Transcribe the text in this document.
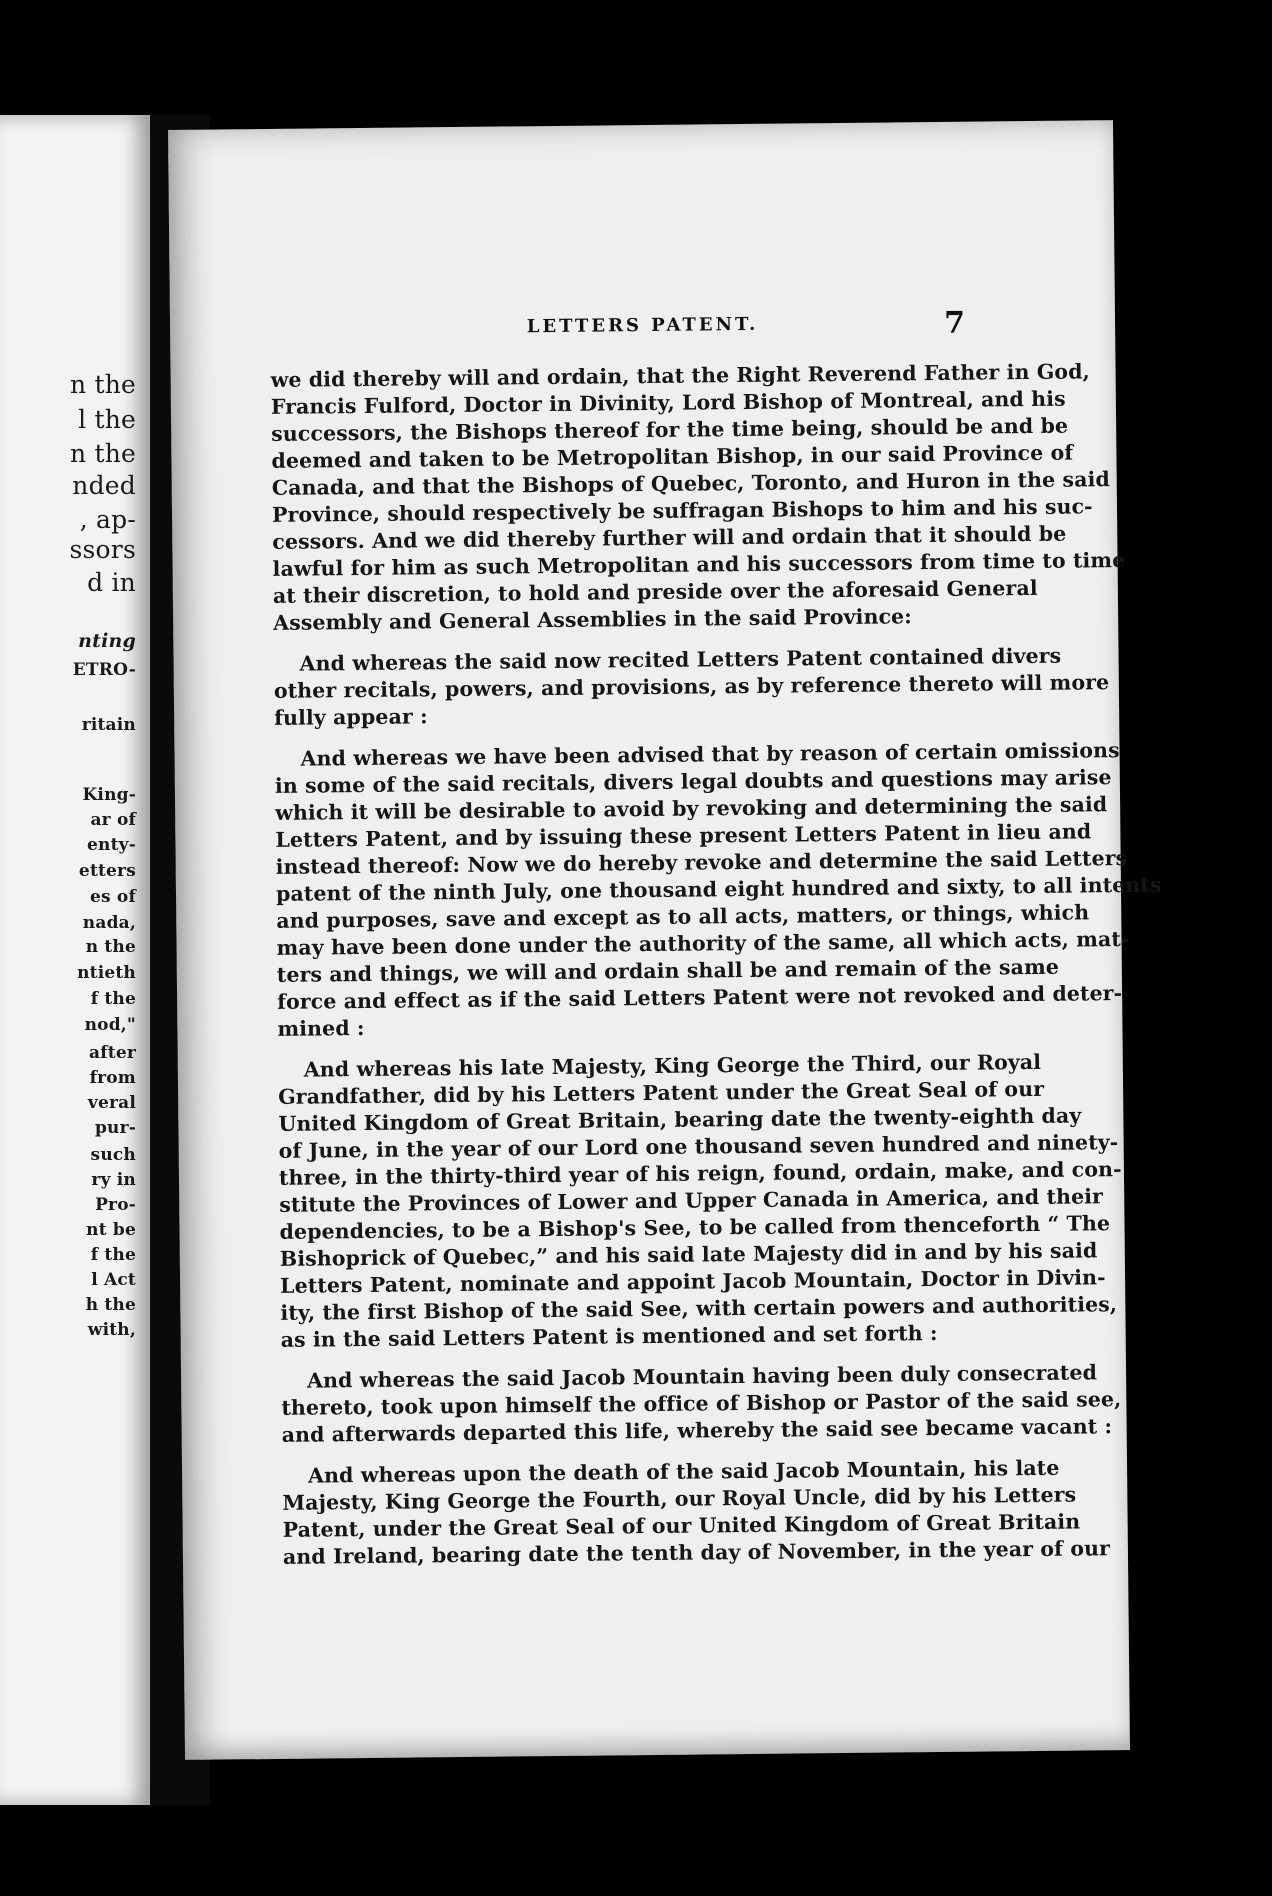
n the
l the
n the
nded
, ap-
ssors
d in
nting
ETRO-
ritain
King-
ar of
enty-
etters
es of
nada,
n the
ntieth
f the
nod,"
after
from
veral
pur-
such
ry in
Pro-
nt be
f the
l Act
h the
with,
LETTERS PATENT.	7
we did thereby will and ordain, that the Right Reverend Father in God,
Francis Fulford, Doctor in Divinity, Lord Bishop of Montreal, and his
successors, the Bishops thereof for the time being, should be and be
deemed and taken to be Metropolitan Bishop, in our said Province of
Canada, and that the Bishops of Quebec, Toronto, and Huron in the said
Province, should respectively be suffragan Bishops to him and his suc-
cessors. And we did thereby further will and ordain that it should be
lawful for him as such Metropolitan and his successors from time to time
at their discretion, to hold and preside over the aforesaid General
Assembly and General Assemblies in the said Province:
And whereas the said now recited Letters Patent contained divers
other recitals, powers, and provisions, as by reference thereto will more
fully appear :
And whereas we have been advised that by reason of certain omissions
in some of the said recitals, divers legal doubts and questions may arise
which it will be desirable to avoid by revoking and determining the said
Letters Patent, and by issuing these present Letters Patent in lieu and
instead thereof: Now we do hereby revoke and determine the said Letters
patent of the ninth July, one thousand eight hundred and sixty, to all intents
and purposes, save and except as to all acts, matters, or things, which
may have been done under the authority of the same, all which acts, mat-
ters and things, we will and ordain shall be and remain of the same
force and effect as if the said Letters Patent were not revoked and deter-
mined :
And whereas his late Majesty, King George the Third, our Royal
Grandfather, did by his Letters Patent under the Great Seal of our
United Kingdom of Great Britain, bearing date the twenty-eighth day
of June, in the year of our Lord one thousand seven hundred and ninety-
three, in the thirty-third year of his reign, found, ordain, make, and con-
stitute the Provinces of Lower and Upper Canada in America, and their
dependencies, to be a Bishop's See, to be called from thenceforth “ The
Bishoprick of Quebec,” and his said late Majesty did in and by his said
Letters Patent, nominate and appoint Jacob Mountain, Doctor in Divin-
ity, the first Bishop of the said See, with certain powers and authorities,
as in the said Letters Patent is mentioned and set forth :
And whereas the said Jacob Mountain having been duly consecrated
thereto, took upon himself the office of Bishop or Pastor of the said see,
and afterwards departed this life, whereby the said see became vacant :
And whereas upon the death of the said Jacob Mountain, his late
Majesty, King George the Fourth, our Royal Uncle, did by his Letters
Patent, under the Great Seal of our United Kingdom of Great Britain
and Ireland, bearing date the tenth day of November, in the year of our
